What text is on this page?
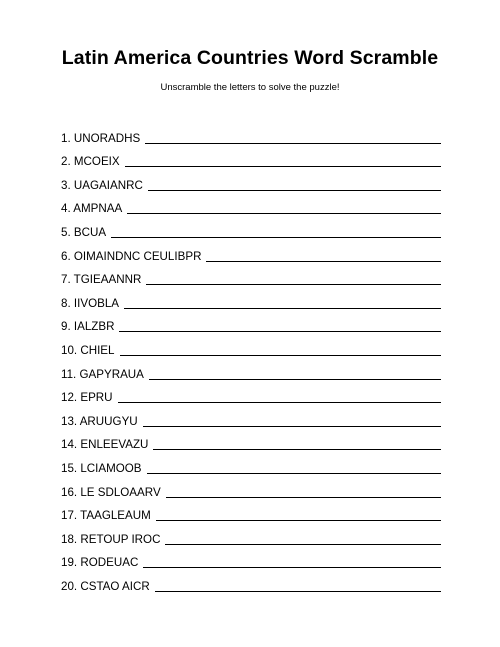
Latin America Countries Word Scramble
Unscramble the letters to solve the puzzle!
1. UNORADHS
2. MCOEIX
3. UAGAIANRC
4. AMPNAA
5. BCUA
6. OIMAINDNC CEULIBPR
7. TGIEAANNR
8. IIVOBLA
9. IALZBR
10. CHIEL
11. GAPYRAUA
12. EPRU
13. ARUUGYU
14. ENLEEVAZU
15. LCIAMOOB
16. LE SDLOAARV
17. TAAGLEAUM
18. RETOUP IROC
19. RODEUAC
20. CSTAO AICR
